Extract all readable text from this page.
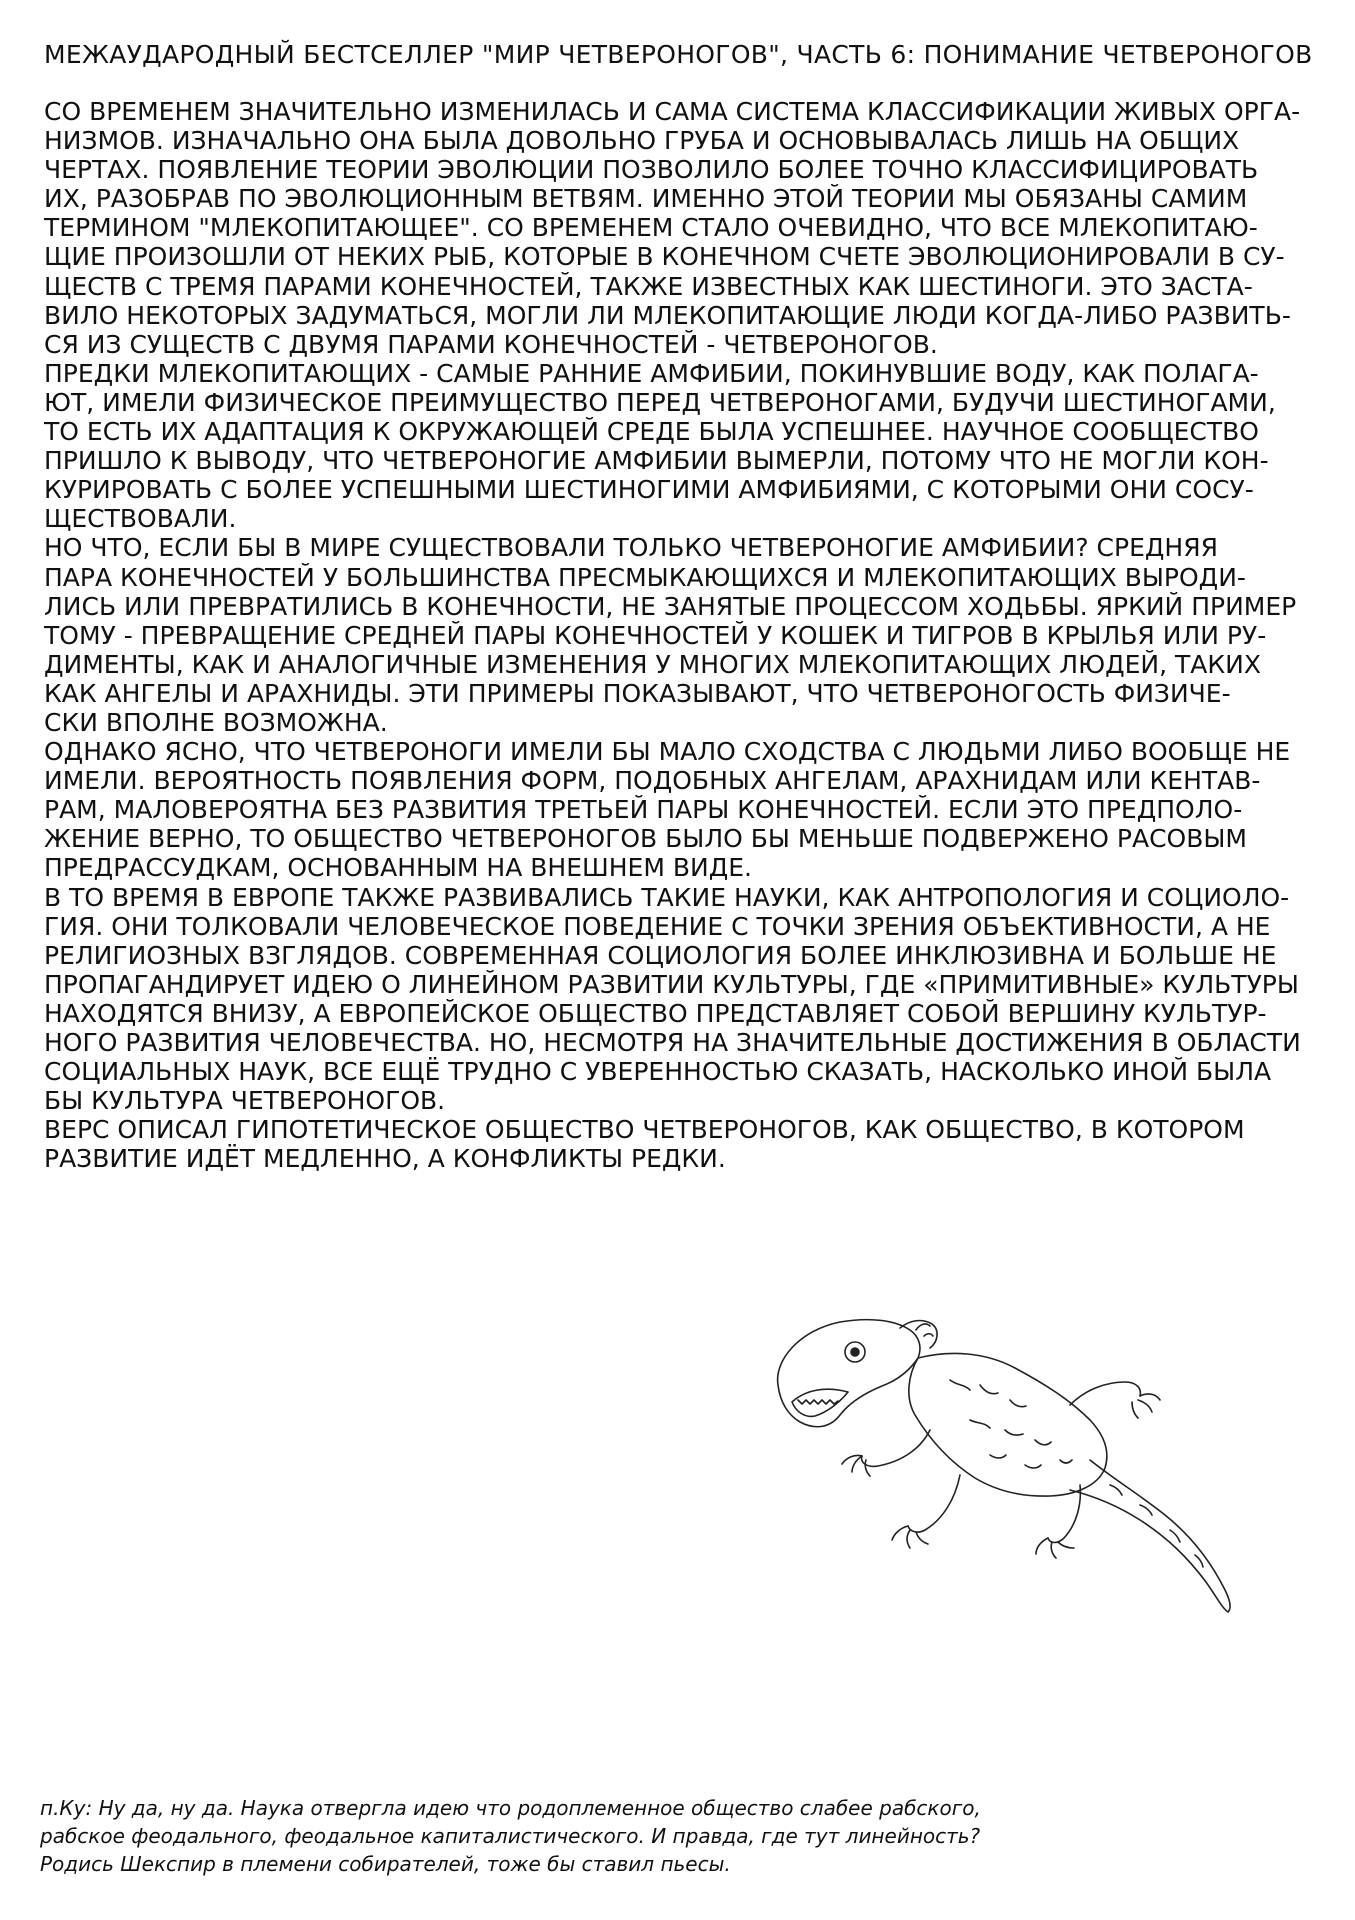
МЕЖАУДАРОДНЫЙ БЕСТСЕЛЛЕР "МИР ЧЕТВЕРОНОГОВ", ЧАСТЬ 6: ПОНИМАНИЕ ЧЕТВЕРОНОГОВ
СО ВРЕМЕНЕМ ЗНАЧИТЕЛЬНО ИЗМЕНИЛАСЬ И САМА СИСТЕМА КЛАССИФИКАЦИИ ЖИВЫХ ОРГА-
НИЗМОВ. ИЗНАЧАЛЬНО ОНА БЫЛА ДОВОЛЬНО ГРУБА И ОСНОВЫВАЛАСЬ ЛИШЬ НА ОБЩИХ
ЧЕРТАХ. ПОЯВЛЕНИЕ ТЕОРИИ ЭВОЛЮЦИИ ПОЗВОЛИЛО БОЛЕЕ ТОЧНО КЛАССИФИЦИРОВАТЬ
ИХ, РАЗОБРАВ ПО ЭВОЛЮЦИОННЫМ ВЕТВЯМ. ИМЕННО ЭТОЙ ТЕОРИИ МЫ ОБЯЗАНЫ САМИМ
ТЕРМИНОМ "МЛЕКОПИТАЮЩЕЕ". СО ВРЕМЕНЕМ СТАЛО ОЧЕВИДНО, ЧТО ВСЕ МЛЕКОПИТАЮ-
ЩИЕ ПРОИЗОШЛИ ОТ НЕКИХ РЫБ, КОТОРЫЕ В КОНЕЧНОМ СЧЕТЕ ЭВОЛЮЦИОНИРОВАЛИ В СУ-
ЩЕСТВ С ТРЕМЯ ПАРАМИ КОНЕЧНОСТЕЙ, ТАКЖЕ ИЗВЕСТНЫХ КАК ШЕСТИНОГИ. ЭТО ЗАСТА-
ВИЛО НЕКОТОРЫХ ЗАДУМАТЬСЯ, МОГЛИ ЛИ МЛЕКОПИТАЮЩИЕ ЛЮДИ КОГДА-ЛИБО РАЗВИТЬ-
СЯ ИЗ СУЩЕСТВ С ДВУМЯ ПАРАМИ КОНЕЧНОСТЕЙ - ЧЕТВЕРОНОГОВ.
ПРЕДКИ МЛЕКОПИТАЮЩИХ - САМЫЕ РАННИЕ АМФИБИИ, ПОКИНУВШИЕ ВОДУ, КАК ПОЛАГА-
ЮТ, ИМЕЛИ ФИЗИЧЕСКОЕ ПРЕИМУЩЕСТВО ПЕРЕД ЧЕТВЕРОНОГАМИ, БУДУЧИ ШЕСТИНОГАМИ,
ТО ЕСТЬ ИХ АДАПТАЦИЯ К ОКРУЖАЮЩЕЙ СРЕДЕ БЫЛА УСПЕШНЕЕ. НАУЧНОЕ СООБЩЕСТВО
ПРИШЛО К ВЫВОДУ, ЧТО ЧЕТВЕРОНОГИЕ АМФИБИИ ВЫМЕРЛИ, ПОТОМУ ЧТО НЕ МОГЛИ КОН-
КУРИРОВАТЬ С БОЛЕЕ УСПЕШНЫМИ ШЕСТИНОГИМИ АМФИБИЯМИ, С КОТОРЫМИ ОНИ СОСУ-
ЩЕСТВОВАЛИ.
НО ЧТО, ЕСЛИ БЫ В МИРЕ СУЩЕСТВОВАЛИ ТОЛЬКО ЧЕТВЕРОНОГИЕ АМФИБИИ? СРЕДНЯЯ
ПАРА КОНЕЧНОСТЕЙ У БОЛЬШИНСТВА ПРЕСМЫКАЮЩИХСЯ И МЛЕКОПИТАЮЩИХ ВЫРОДИ-
ЛИСЬ ИЛИ ПРЕВРАТИЛИСЬ В КОНЕЧНОСТИ, НЕ ЗАНЯТЫЕ ПРОЦЕССОМ ХОДЬБЫ. ЯРКИЙ ПРИМЕР
ТОМУ - ПРЕВРАЩЕНИЕ СРЕДНЕЙ ПАРЫ КОНЕЧНОСТЕЙ У КОШЕК И ТИГРОВ В КРЫЛЬЯ ИЛИ РУ-
ДИМЕНТЫ, КАК И АНАЛОГИЧНЫЕ ИЗМЕНЕНИЯ У МНОГИХ МЛЕКОПИТАЮЩИХ ЛЮДЕЙ, ТАКИХ
КАК АНГЕЛЫ И АРАХНИДЫ. ЭТИ ПРИМЕРЫ ПОКАЗЫВАЮТ, ЧТО ЧЕТВЕРОНОГОСТЬ ФИЗИЧЕ-
СКИ ВПОЛНЕ ВОЗМОЖНА.
ОДНАКО ЯСНО, ЧТО ЧЕТВЕРОНОГИ ИМЕЛИ БЫ МАЛО СХОДСТВА С ЛЮДЬМИ ЛИБО ВООБЩЕ НЕ
ИМЕЛИ. ВЕРОЯТНОСТЬ ПОЯВЛЕНИЯ ФОРМ, ПОДОБНЫХ АНГЕЛАМ, АРАХНИДАМ ИЛИ КЕНТАВ-
РАМ, МАЛОВЕРОЯТНА БЕЗ РАЗВИТИЯ ТРЕТЬЕЙ ПАРЫ КОНЕЧНОСТЕЙ. ЕСЛИ ЭТО ПРЕДПОЛО-
ЖЕНИЕ ВЕРНО, ТО ОБЩЕСТВО ЧЕТВЕРОНОГОВ БЫЛО БЫ МЕНЬШЕ ПОДВЕРЖЕНО РАСОВЫМ
ПРЕДРАССУДКАМ, ОСНОВАННЫМ НА ВНЕШНЕМ ВИДЕ.
В ТО ВРЕМЯ В ЕВРОПЕ ТАКЖЕ РАЗВИВАЛИСЬ ТАКИЕ НАУКИ, КАК АНТРОПОЛОГИЯ И СОЦИОЛО-
ГИЯ. ОНИ ТОЛКОВАЛИ ЧЕЛОВЕЧЕСКОЕ ПОВЕДЕНИЕ С ТОЧКИ ЗРЕНИЯ ОБЪЕКТИВНОСТИ, А НЕ
РЕЛИГИОЗНЫХ ВЗГЛЯДОВ. СОВРЕМЕННАЯ СОЦИОЛОГИЯ БОЛЕЕ ИНКЛЮЗИВНА И БОЛЬШЕ НЕ
ПРОПАГАНДИРУЕТ ИДЕЮ О ЛИНЕЙНОМ РАЗВИТИИ КУЛЬТУРЫ, ГДЕ «ПРИМИТИВНЫЕ» КУЛЬТУРЫ
НАХОДЯТСЯ ВНИЗУ, А ЕВРОПЕЙСКОЕ ОБЩЕСТВО ПРЕДСТАВЛЯЕТ СОБОЙ ВЕРШИНУ КУЛЬТУР-
НОГО РАЗВИТИЯ ЧЕЛОВЕЧЕСТВА. НО, НЕСМОТРЯ НА ЗНАЧИТЕЛЬНЫЕ ДОСТИЖЕНИЯ В ОБЛАСТИ
СОЦИАЛЬНЫХ НАУК, ВСЕ ЕЩЁ ТРУДНО С УВЕРЕННОСТЬЮ СКАЗАТЬ, НАСКОЛЬКО ИНОЙ БЫЛА
БЫ КУЛЬТУРА ЧЕТВЕРОНОГОВ.
ВЕРС ОПИСАЛ ГИПОТЕТИЧЕСКОЕ ОБЩЕСТВО ЧЕТВЕРОНОГОВ, КАК ОБЩЕСТВО, В КОТОРОМ
РАЗВИТИЕ ИДЁТ МЕДЛЕННО, А КОНФЛИКТЫ РЕДКИ.
п.Ку: Ну да, ну да. Наука отвергла идею что родоплеменное общество слабее рабского,
рабское феодального, феодальное капиталистического. И правда, где тут линейность?
Родись Шекспир в племени собирателей, тоже бы ставил пьесы.
